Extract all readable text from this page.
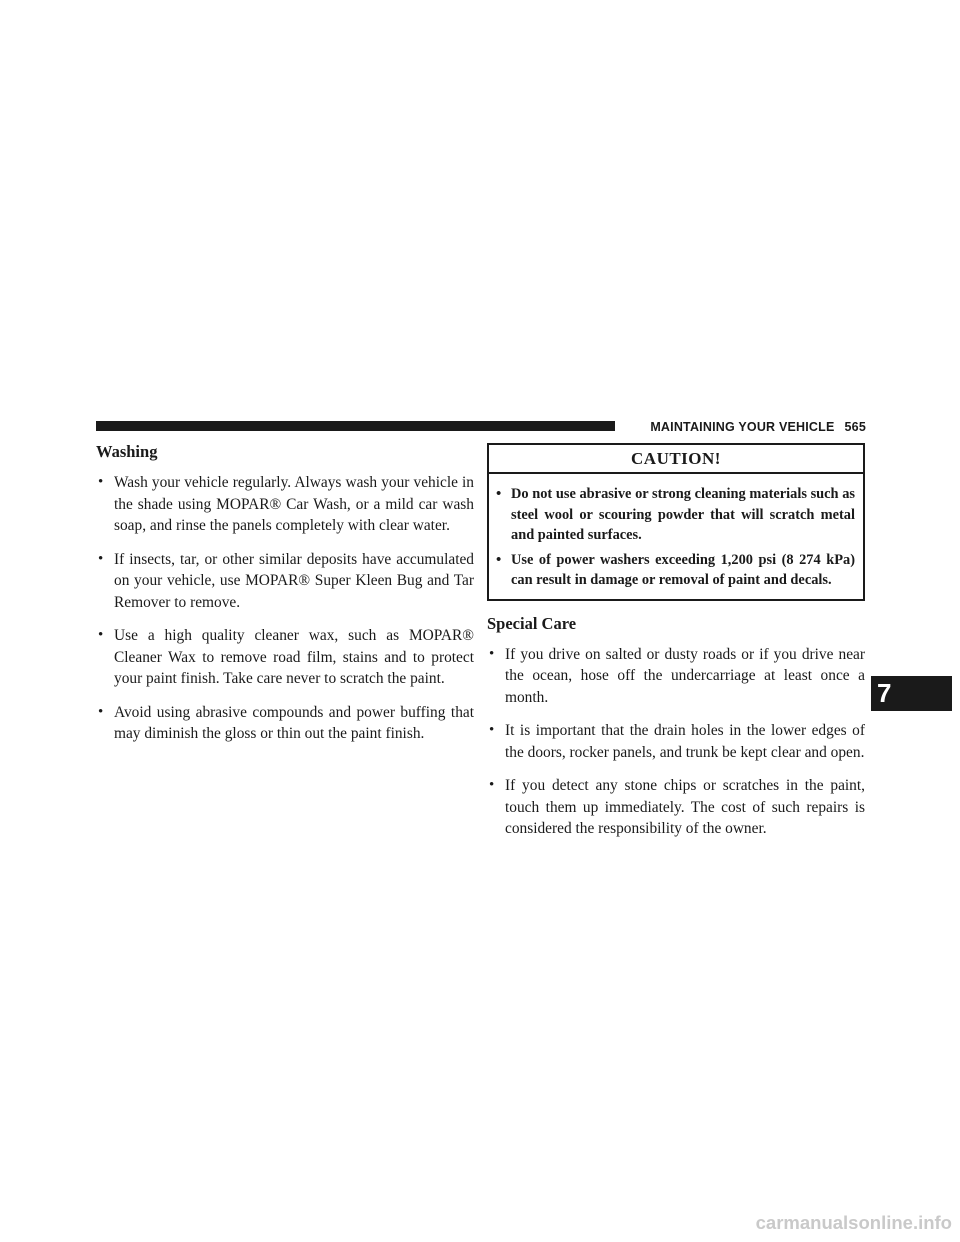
MAINTAINING YOUR VEHICLE 565
Washing
• Wash your vehicle regularly. Always wash your vehicle in the shade using MOPAR® Car Wash, or a mild car wash soap, and rinse the panels completely with clear water.
• If insects, tar, or other similar deposits have accumulated on your vehicle, use MOPAR® Super Kleen Bug and Tar Remover to remove.
• Use a high quality cleaner wax, such as MOPAR® Cleaner Wax to remove road film, stains and to protect your paint finish. Take care never to scratch the paint.
• Avoid using abrasive compounds and power buffing that may diminish the gloss or thin out the paint finish.
CAUTION!
• Do not use abrasive or strong cleaning materials such as steel wool or scouring powder that will scratch metal and painted surfaces.
• Use of power washers exceeding 1,200 psi (8 274 kPa) can result in damage or removal of paint and decals.
Special Care
• If you drive on salted or dusty roads or if you drive near the ocean, hose off the undercarriage at least once a month.
• It is important that the drain holes in the lower edges of the doors, rocker panels, and trunk be kept clear and open.
• If you detect any stone chips or scratches in the paint, touch them up immediately. The cost of such repairs is considered the responsibility of the owner.
7
carmanualsonline.info
